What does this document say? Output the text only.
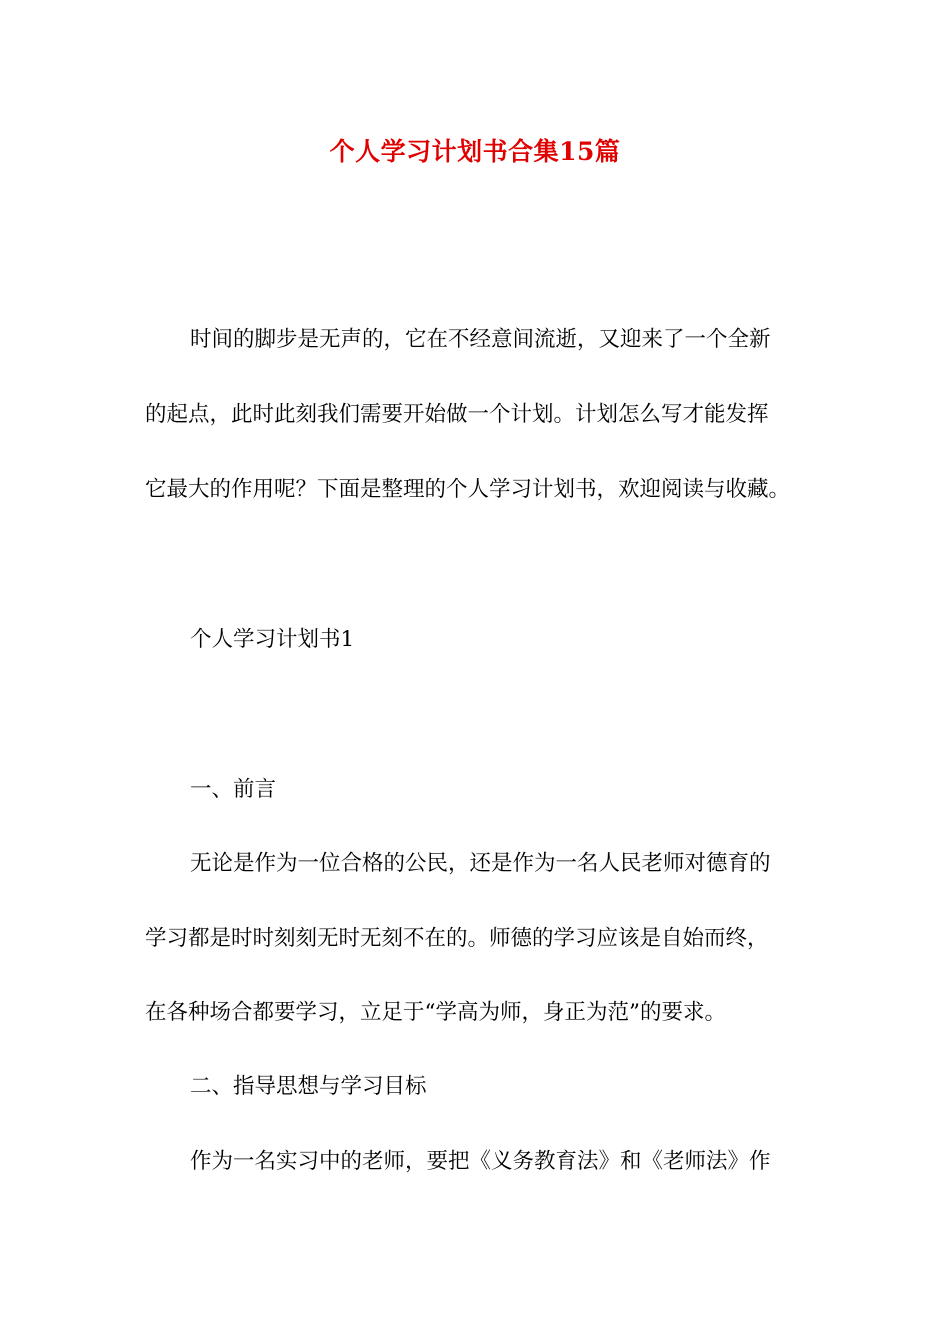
个人学习计划书合集15篇
时间的脚步是无声的，它在不经意间流逝，又迎来了一个全新
的起点，此时此刻我们需要开始做一个计划。计划怎么写才能发挥
它最大的作用呢？下面是整理的个人学习计划书，欢迎阅读与收藏。
个人学习计划书1
一、前言
无论是作为一位合格的公民，还是作为一名人民老师对德育的
学习都是时时刻刻无时无刻不在的。师德的学习应该是自始而终，
在各种场合都要学习，立足于“学高为师，身正为范”的要求。
二、指导思想与学习目标
作为一名实习中的老师，要把《义务教育法》和《老师法》作
